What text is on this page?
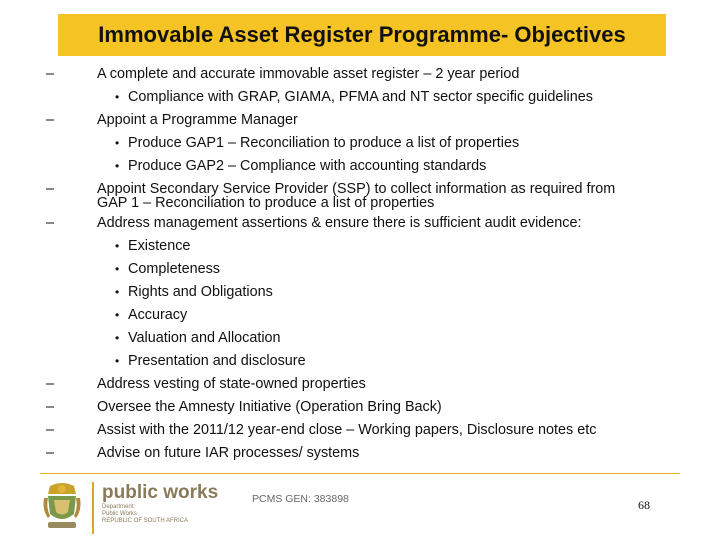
Immovable Asset Register Programme- Objectives
–	A complete and accurate immovable asset register – 2 year period
• Compliance with GRAP, GIAMA, PFMA and NT sector specific guidelines
–	Appoint a Programme Manager
• Produce GAP1 – Reconciliation to produce a list of properties
• Produce GAP2 – Compliance with accounting standards
–	Appoint Secondary Service Provider (SSP) to collect information as required from
GAP 1 – Reconciliation to produce a list of properties
–	Address management assertions & ensure there is sufficient audit evidence:
• Existence
• Completeness
• Rights and Obligations
• Accuracy
• Valuation and Allocation
• Presentation and disclosure
–	Address vesting of state-owned properties
–	Oversee the Amnesty Initiative (Operation Bring Back)
–	Assist with the 2011/12 year-end close – Working papers, Disclosure notes etc
–	Advise on future IAR processes/ systems
public works
Department:
Public Works
REPUBLIC OF SOUTH AFRICA
PCMS GEN: 383898	68
